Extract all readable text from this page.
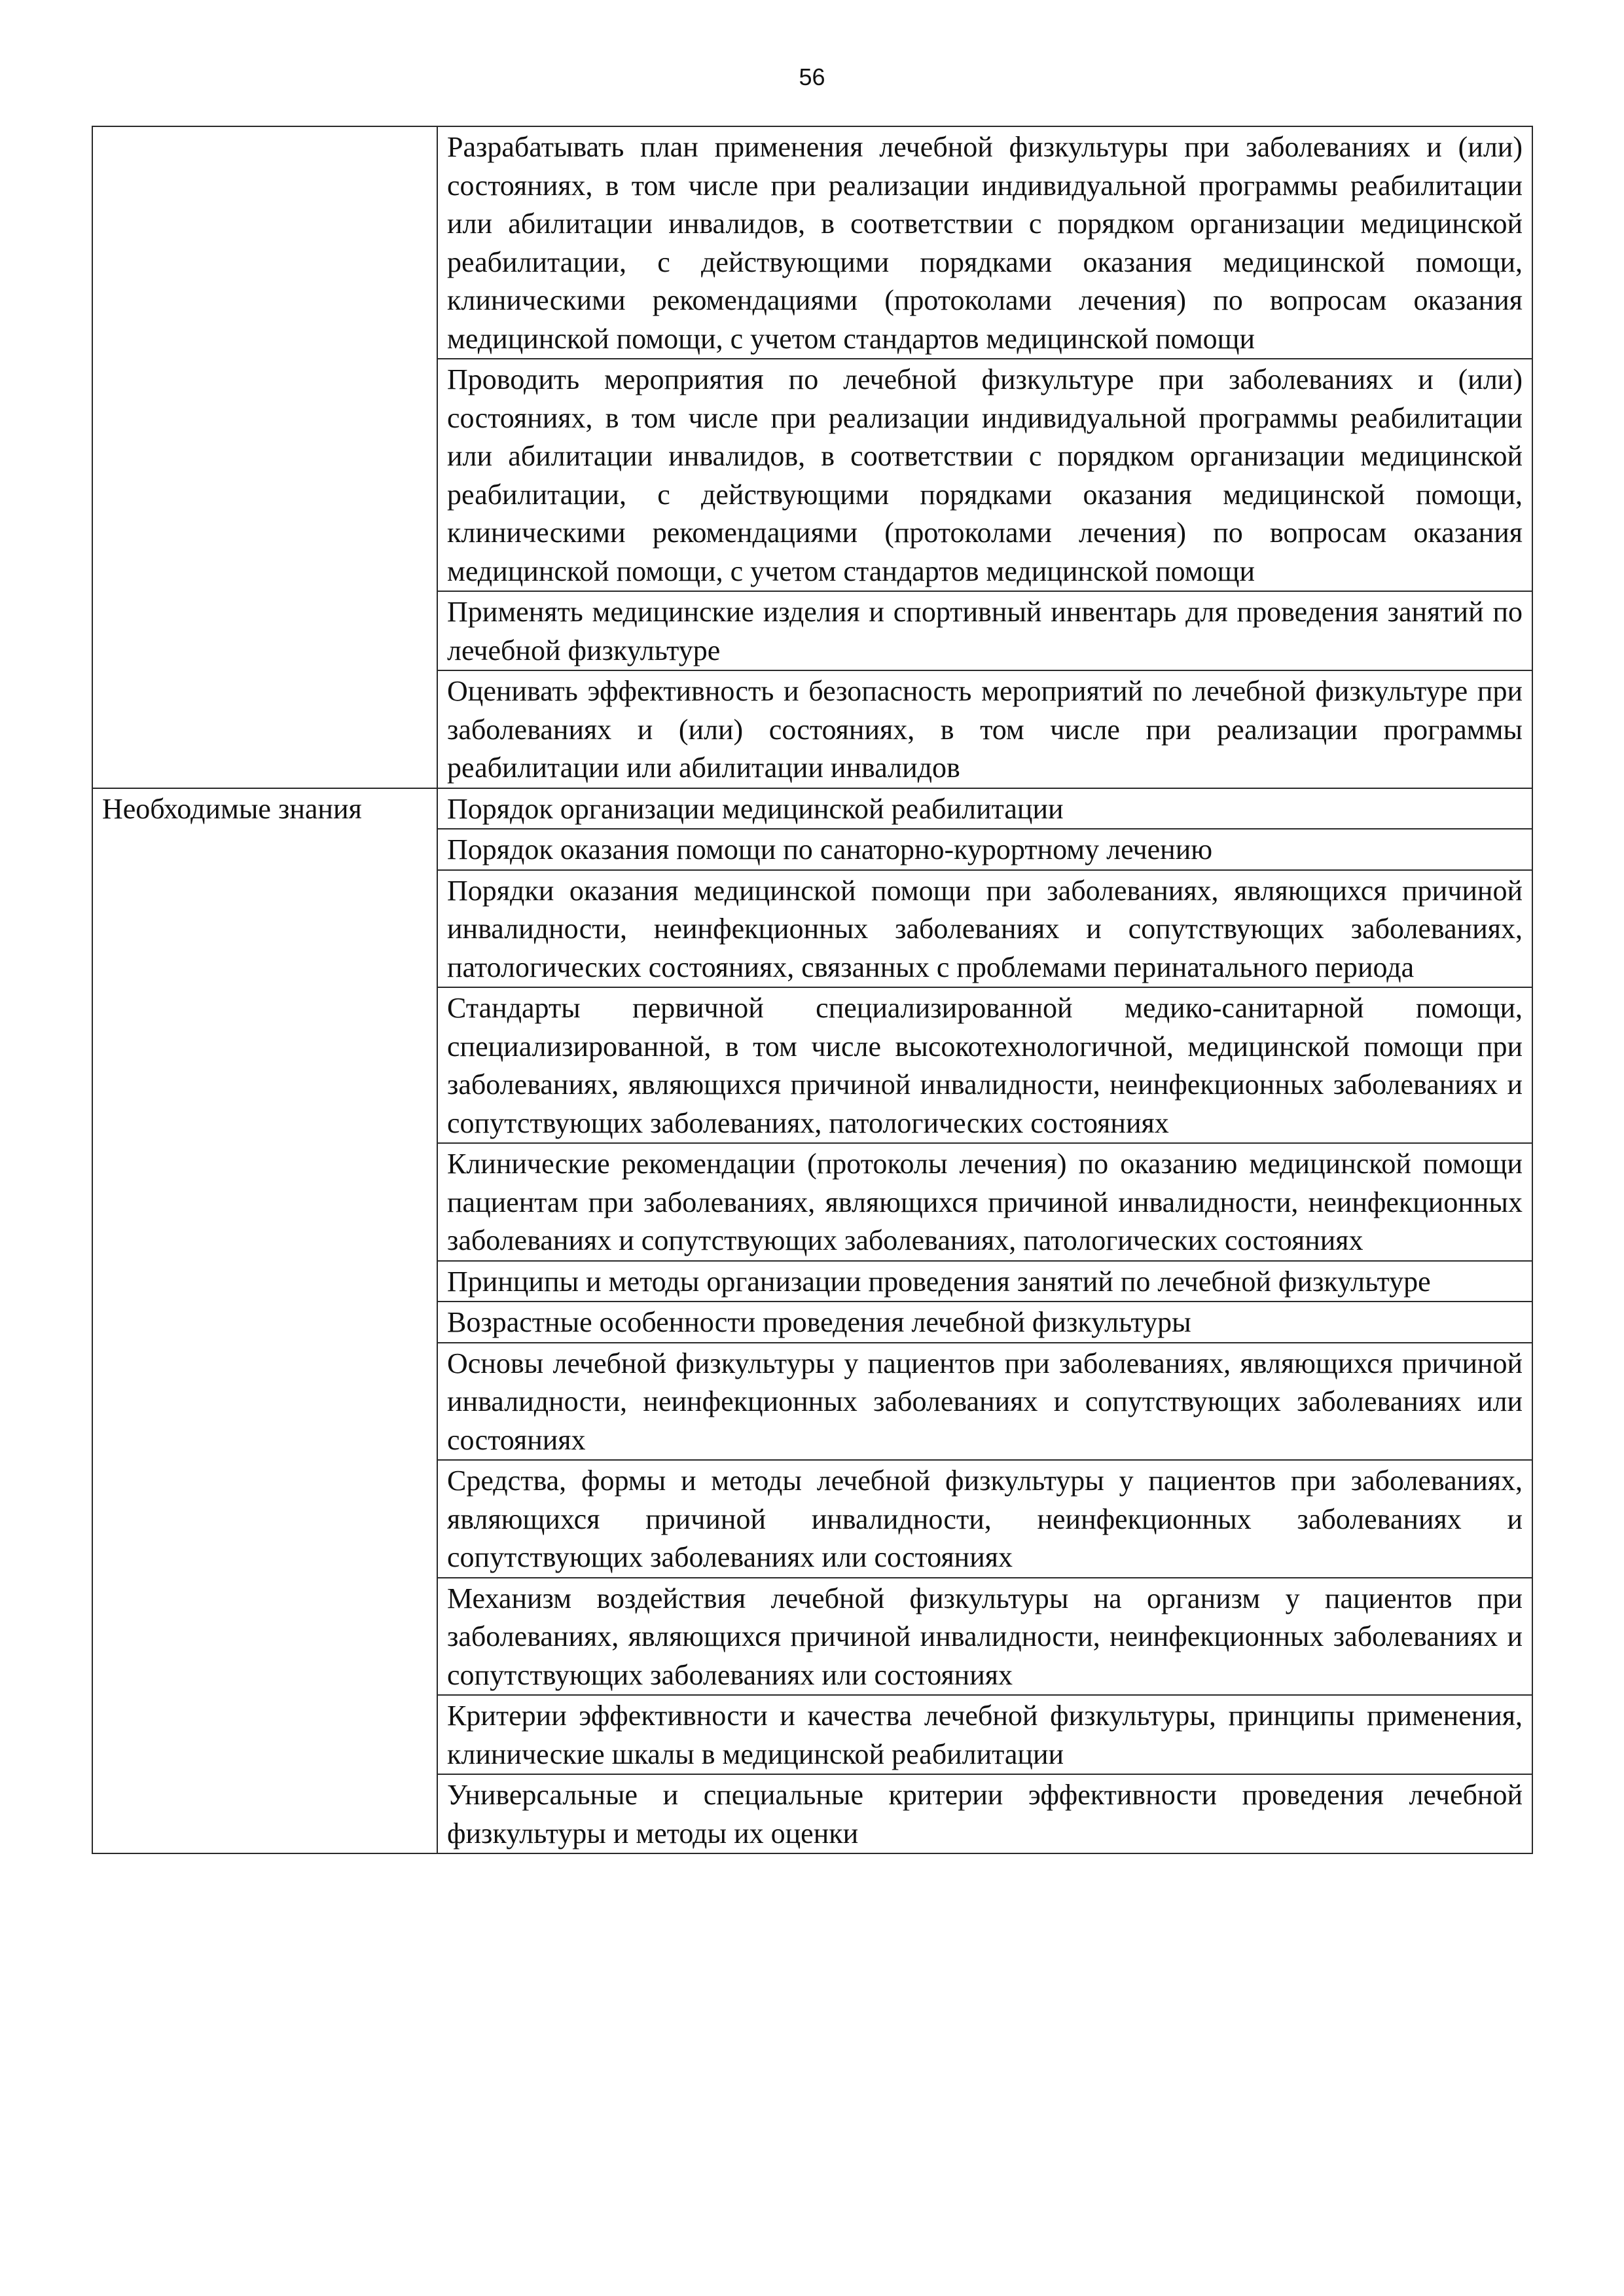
56
	Разрабатывать план применения лечебной физкультуры при заболеваниях и (или) состояниях, в том числе при реализации индивидуальной программы реабилитации или абилитации инвалидов, в соответствии с порядком организации медицинской реабилитации, с действующими порядками оказания медицинской помощи, клиническими рекомендациями (протоколами лечения) по вопросам оказания медицинской помощи, с учетом стандартов медицинской помощи
	Проводить мероприятия по лечебной физкультуре при заболеваниях и (или) состояниях, в том числе при реализации индивидуальной программы реабилитации или абилитации инвалидов, в соответствии с порядком организации медицинской реабилитации, с действующими порядками оказания медицинской помощи, клиническими рекомендациями (протоколами лечения) по вопросам оказания медицинской помощи, с учетом стандартов медицинской помощи
	Применять медицинские изделия и спортивный инвентарь для проведения занятий по лечебной физкультуре
	Оценивать эффективность и безопасность мероприятий по лечебной физкультуре при заболеваниях и (или) состояниях, в том числе при реализации программы реабилитации или абилитации инвалидов
Необходимые знания	Порядок организации медицинской реабилитации
	Порядок оказания помощи по санаторно-курортному лечению
	Порядки оказания медицинской помощи при заболеваниях, являющихся причиной инвалидности, неинфекционных заболеваниях и сопутствующих заболеваниях, патологических состояниях, связанных с проблемами перинатального периода
	Стандарты первичной специализированной медико-санитарной помощи, специализированной, в том числе высокотехнологичной, медицинской помощи при заболеваниях, являющихся причиной инвалидности, неинфекционных заболеваниях и сопутствующих заболеваниях, патологических состояниях
	Клинические рекомендации (протоколы лечения) по оказанию медицинской помощи пациентам при заболеваниях, являющихся причиной инвалидности, неинфекционных заболеваниях и сопутствующих заболеваниях, патологических состояниях
	Принципы и методы организации проведения занятий по лечебной физкультуре
	Возрастные особенности проведения лечебной физкультуры
	Основы лечебной физкультуры у пациентов при заболеваниях, являющихся причиной инвалидности, неинфекционных заболеваниях и сопутствующих заболеваниях или состояниях
	Средства, формы и методы лечебной физкультуры у пациентов при заболеваниях, являющихся причиной инвалидности, неинфекционных заболеваниях и сопутствующих заболеваниях или состояниях
	Механизм воздействия лечебной физкультуры на организм у пациентов при заболеваниях, являющихся причиной инвалидности, неинфекционных заболеваниях и сопутствующих заболеваниях или состояниях
	Критерии эффективности и качества лечебной физкультуры, принципы применения, клинические шкалы в медицинской реабилитации
	Универсальные и специальные критерии эффективности проведения лечебной физкультуры и методы их оценки
